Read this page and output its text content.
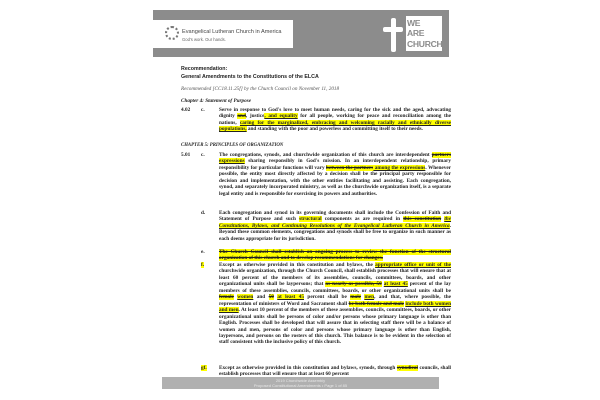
Evangelical Lutheran Church in America
God's work. Our hands.
WE
ARE
CHURCH
Recommendation:
General Amendments to the Constitutions of the ELCA
Recommended [CC18.11.25f] by the Church Council on November 11, 2018
Chapter 4: Statement of Purpose
CHAPTER 5: PRINCIPLES OF ORGANIZATION
4.02 c.	Serve in response to God's love to meet human needs, caring for the sick and the aged, advocating dignity and, justice, and equality for all people, working for peace and reconciliation among the nations, caring for the marginalized, embracing and welcoming racially and ethnically diverse populations, and standing with the poor and powerless and committing itself to their needs.
5.01 c.	The congregations, synods, and churchwide organization of this church are interdependent partners expressions sharing responsibly in God's mission. In an interdependent relationship, primary responsibility for particular functions will vary between the partners among the expressions. Whenever possible, the entity most directly affected by a decision shall be the principal party responsible for decision and implementation, with the other entities facilitating and assisting. Each congregation, synod, and separately incorporated ministry, as well as the churchwide organization itself, is a separate legal entity and is responsible for exercising its powers and authorities.
d.	Each congregation and synod in its governing documents shall include the Confession of Faith and Statement of Purpose and such structural components as are required in this constitution the Constitutions, Bylaws, and Continuing Resolutions of the Evangelical Lutheran Church in America. Beyond these common elements, congregations and synods shall be free to organize in such manner as each deems appropriate for its jurisdiction.
e.	The Church Council shall establish an ongoing process to review the function of the structural organization of this church and to develop recommendations for changes.
f.	Except as otherwise provided in this constitution and bylaws, the appropriate office or unit of the churchwide organization, through the Church Council, shall establish processes that will ensure that at least 60 percent of the members of its assemblies, councils, committees, boards, and other organizational units shall be laypersons; that as nearly as possible, 50 at least 45 percent of the lay members of these assemblies, councils, committees, boards, or other organizational units shall be female women and 50 at least 45 percent shall be male men, and that, where possible, the representation of ministers of Word and Sacrament shall be both female and male include both women and men. At least 10 percent of the members of these assemblies, councils, committees, boards, or other organizational units shall be persons of color and/or persons whose primary language is other than English. Processes shall be developed that will assure that in selecting staff there will be a balance of women and men, persons of color and persons whose primary language is other than English, laypersons, and persons on the rosters of this church. This balance is to be evident in the selection of staff consistent with the inclusive policy of this church.
gf. Except as otherwise provided in this constitution and bylaws, synods, through synodical councils, shall establish processes that will ensure that at least 60 percent
2019 Churchwide Assembly
Proposed Constitutional Amendments • Page 1 of 85
